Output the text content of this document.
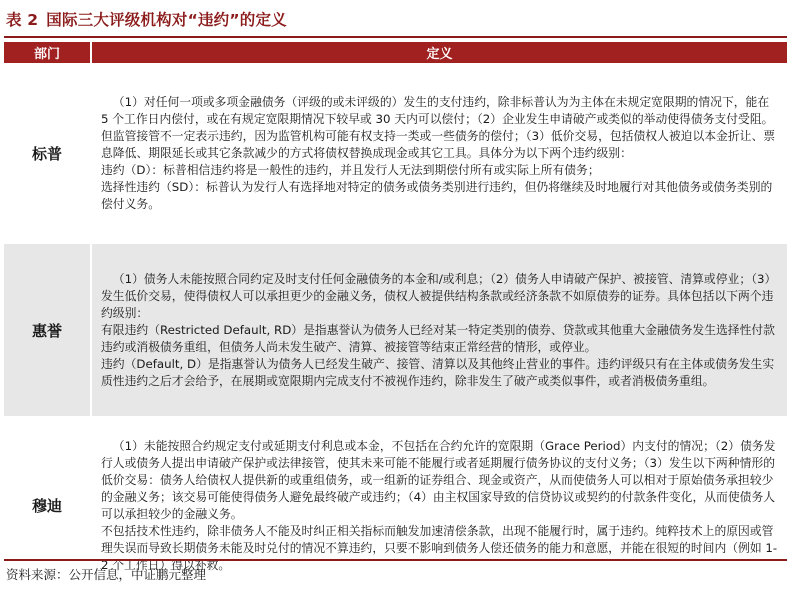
表 2 国际三大评级机构对“违约”的定义
部门	定义
标普	（1）对任何一项或多项金融债务（评级的或未评级的）发生的支付违约，除非标普认为为主体在未规定宽限期的情况下，能在 5 个工作日内偿付，或在有规定宽限期情况下较早或 30 天内可以偿付；（2）企业发生申请破产或类似的举动使得债务支付受阻。但监管接管不一定表示违约，因为监管机构可能有权支持一类或一些债务的偿付；（3）低价交易，包括债权人被迫以本金折让、票息降低、期限延长或其它条款减少的方式将债权替换成现金或其它工具。具体分为以下两个违约级别：

违约（D）：标普相信违约将是一般性的违约，并且发行人无法到期偿付所有或实际上所有债务；

选择性违约（SD）：标普认为发行人有选择地对特定的债务或债务类别进行违约，但仍将继续及时地履行对其他债务或债务类别的偿付义务。

惠誉	（1）债务人未能按照合同约定及时支付任何金融债务的本金和/或利息；（2）债务人申请破产保护、被接管、清算或停业；（3）发生低价交易，使得债权人可以承担更少的金融义务，债权人被提供结构条款或经济条款不如原债券的证券。具体包括以下两个违约级别：

有限违约（Restricted Default, RD）是指惠誉认为债务人已经对某一特定类别的债券、贷款或其他重大金融债务发生选择性付款违约或消极债务重组，但债务人尚未发生破产、清算、被接管等结束正常经营的情形，或停业。

违约（Default, D）是指惠誉认为债务人已经发生破产、接管、清算以及其他终止营业的事件。违约评级只有在主体或债务发生实质性违约之后才会给予，在展期或宽限期内完成支付不被视作违约，除非发生了破产或类似事件，或者消极债务重组。

穆迪	（1）未能按照合约规定支付或延期支付利息或本金，不包括在合约允许的宽限期（Grace Period）内支付的情况；（2）债务发行人或债务人提出申请破产保护或法律接管，使其未来可能不能履行或者延期履行债务协议的支付义务；（3）发生以下两种情形的低价交易：债务人给债权人提供新的或重组债务，或一组新的证券组合、现金或资产，从而使债务人可以相对于原始债务承担较少的金融义务；该交易可能使得债务人避免最终破产或违约；（4）由主权国家导致的信贷协议或契约的付款条件变化，从而使债务人可以承担较少的金融义务。

不包括技术性违约，除非债务人不能及时纠正相关指标而触发加速清偿条款，出现不能履行时，属于违约。纯粹技术上的原因或管理失误而导致长期债务未能及时兑付的情况不算违约，只要不影响到债务人偿还债务的能力和意愿，并能在很短的时间内（例如 1-2 个工作日）得以补救。

资料来源：公开信息，中证鹏元整理
